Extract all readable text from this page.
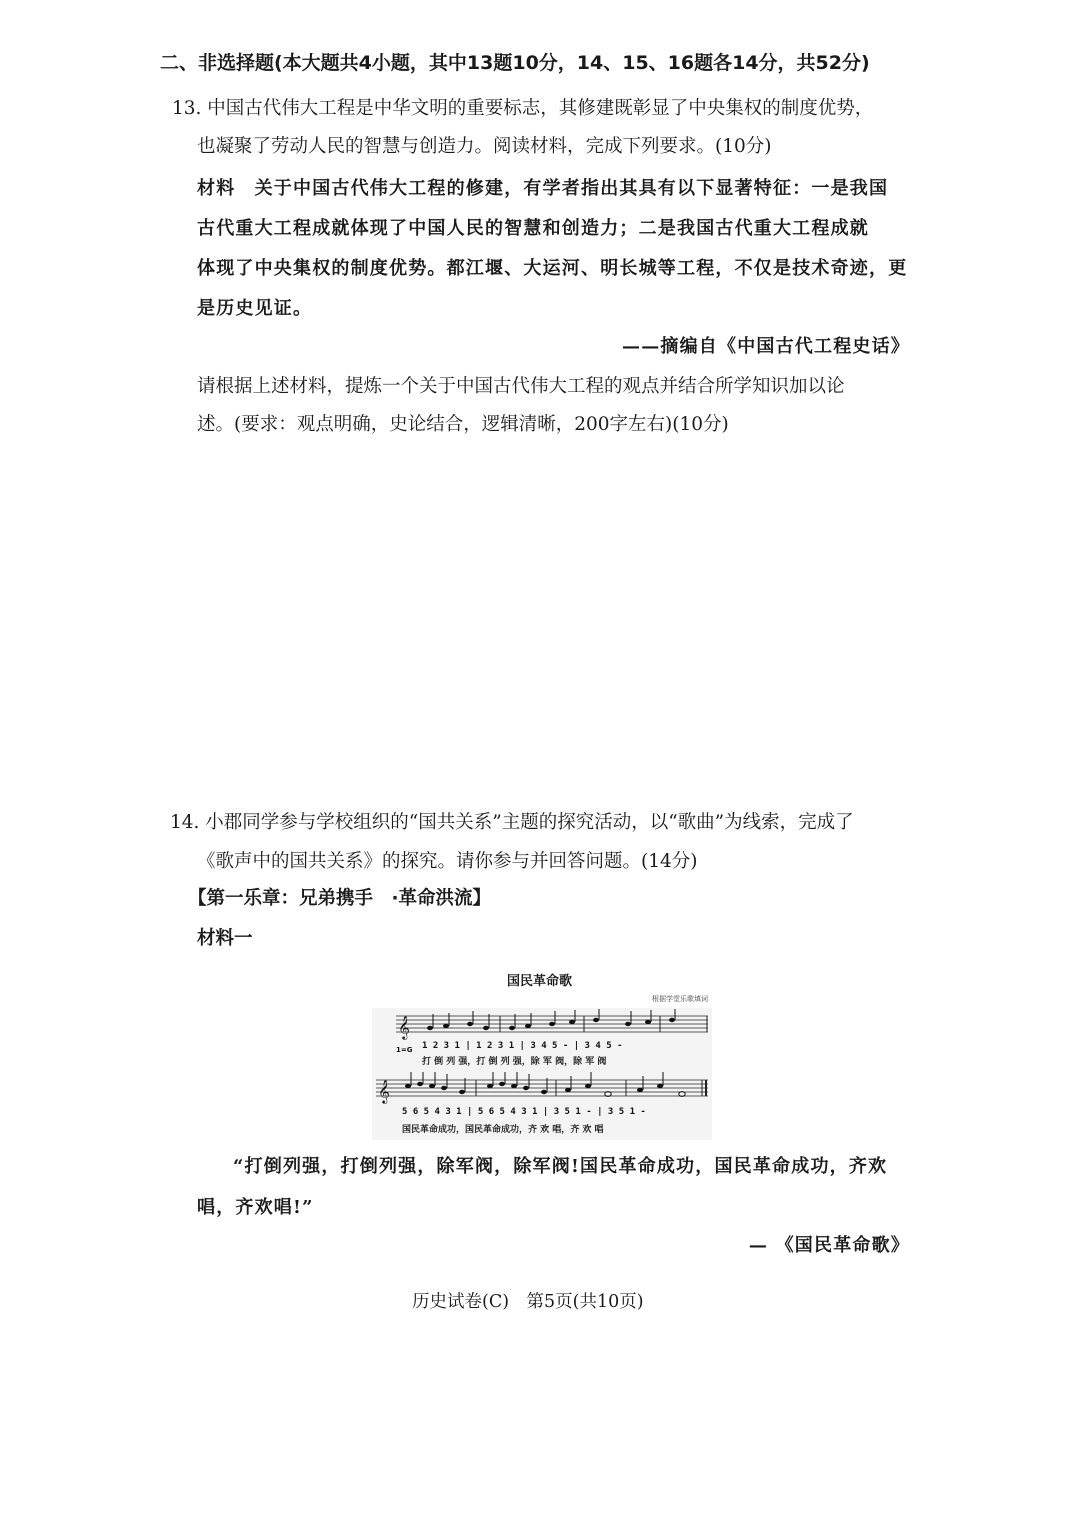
二、非选择题(本大题共4小题，其中13题10分，14、15、16题各14分，共52分)
13. 中国古代伟大工程是中华文明的重要标志，其修建既彰显了中央集权的制度优势，
也凝聚了劳动人民的智慧与创造力。阅读材料，完成下列要求。(10分)
材料　关于中国古代伟大工程的修建，有学者指出其具有以下显著特征：一是我国
古代重大工程成就体现了中国人民的智慧和创造力；二是我国古代重大工程成就
体现了中央集权的制度优势。都江堰、大运河、明长城等工程，不仅是技术奇迹，更
是历史见证。
——摘编自《中国古代工程史话》
请根据上述材料，提炼一个关于中国古代伟大工程的观点并结合所学知识加以论
述。(要求：观点明确，史论结合，逻辑清晰，200字左右)(10分)
14. 小郡同学参与学校组织的“国共关系”主题的探究活动，以“歌曲”为线索，完成了
《歌声中的国共关系》的探究。请你参与并回答问题。(14分)
【第一乐章：兄弟携手　·革命洪流】
材料一
国民革命歌
根据学堂乐歌填词
𝄞
1=G 1 2 3 1 | 1 2 3 1 | 3 4 5 - | 3 4 5 -
打 倒 列 强，打 倒 列 强，除 军 阀，除 军 阀
𝄞
5 6 5 4 3 1 | 5 6 5 4 3 1 | 3 5 1 - | 3 5 1 -
国民革命成功，国民革命成功，齐 欢 唱，齐 欢 唱
“打倒列强，打倒列强，除军阀，除军阀!国民革命成功，国民革命成功，齐欢
唱，齐欢唱!”
— 《国民革命歌》
历史试卷(C)　第5页(共10页)
